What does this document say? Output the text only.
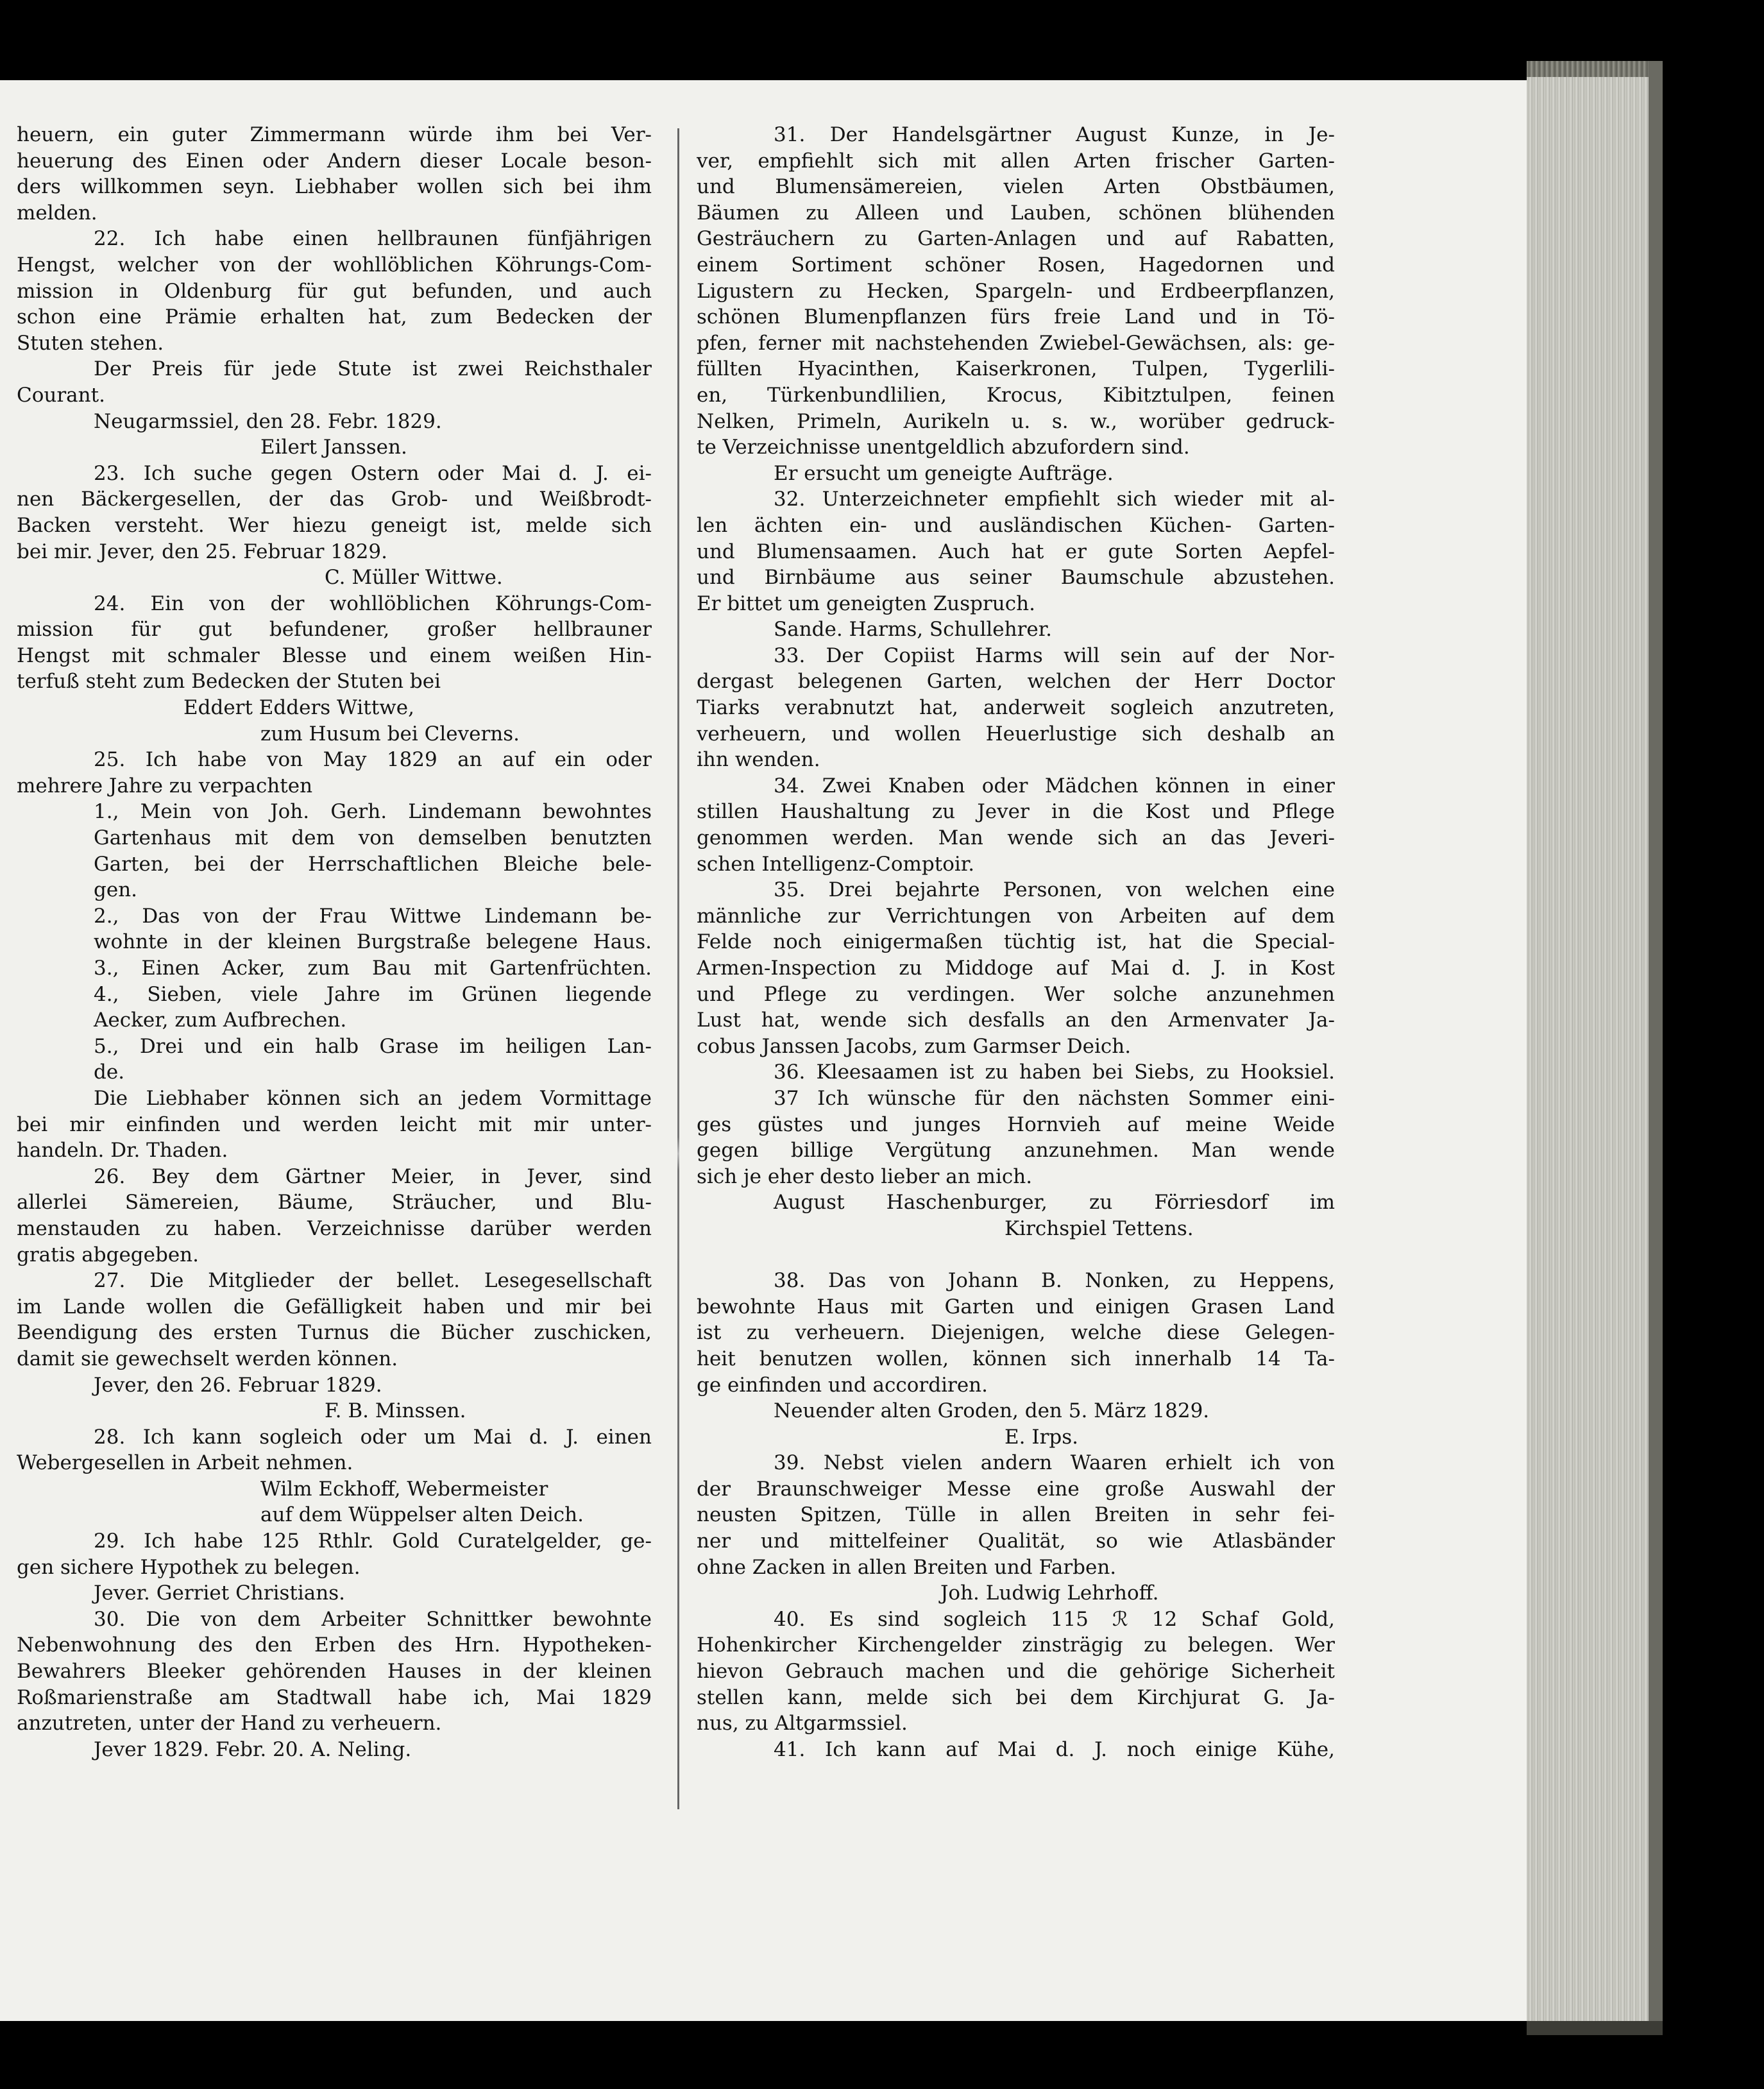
heuern, ein guter Zimmermann würde ihm bei Ver-
heuerung des Einen oder Andern dieser Locale beson-
ders willkommen seyn. Liebhaber wollen sich bei ihm
melden.
22. Ich habe einen hellbraunen fünfjährigen
Hengst, welcher von der wohllöblichen Köhrungs-Com-
mission in Oldenburg für gut befunden, und auch
schon eine Prämie erhalten hat, zum Bedecken der
Stuten stehen.
Der Preis für jede Stute ist zwei Reichsthaler
Courant.
Neugarmssiel, den 28. Febr. 1829.
Eilert Janssen.
23. Ich suche gegen Ostern oder Mai d. J. ei-
nen Bäckergesellen, der das Grob- und Weißbrodt-
Backen versteht. Wer hiezu geneigt ist, melde sich
bei mir. Jever, den 25. Februar 1829.
C. Müller Wittwe.
24. Ein von der wohllöblichen Köhrungs-Com-
mission für gut befundener, großer hellbrauner
Hengst mit schmaler Blesse und einem weißen Hin-
terfuß steht zum Bedecken der Stuten bei
Eddert Edders Wittwe,
zum Husum bei Cleverns.
25. Ich habe von May 1829 an auf ein oder
mehrere Jahre zu verpachten
1., Mein von Joh. Gerh. Lindemann bewohntes
Gartenhaus mit dem von demselben benutzten
Garten, bei der Herrschaftlichen Bleiche bele-
gen.
2., Das von der Frau Wittwe Lindemann be-
wohnte in der kleinen Burgstraße belegene Haus.
3., Einen Acker, zum Bau mit Gartenfrüchten.
4., Sieben, viele Jahre im Grünen liegende
Aecker, zum Aufbrechen.
5., Drei und ein halb Grase im heiligen Lan-
de.
Die Liebhaber können sich an jedem Vormittage
bei mir einfinden und werden leicht mit mir unter-
handeln. Dr. Thaden.
26. Bey dem Gärtner Meier, in Jever, sind
allerlei Sämereien, Bäume, Sträucher, und Blu-
menstauden zu haben. Verzeichnisse darüber werden
gratis abgegeben.
27. Die Mitglieder der bellet. Lesegesellschaft
im Lande wollen die Gefälligkeit haben und mir bei
Beendigung des ersten Turnus die Bücher zuschicken,
damit sie gewechselt werden können.
Jever, den 26. Februar 1829.
F. B. Minssen.
28. Ich kann sogleich oder um Mai d. J. einen
Webergesellen in Arbeit nehmen.
Wilm Eckhoff, Webermeister
auf dem Wüppelser alten Deich.
29. Ich habe 125 Rthlr. Gold Curatelgelder, ge-
gen sichere Hypothek zu belegen.
Jever. Gerriet Christians.
30. Die von dem Arbeiter Schnittker bewohnte
Nebenwohnung des den Erben des Hrn. Hypotheken-
Bewahrers Bleeker gehörenden Hauses in der kleinen
Roßmarienstraße am Stadtwall habe ich, Mai 1829
anzutreten, unter der Hand zu verheuern.
Jever 1829. Febr. 20. A. Neling.
31. Der Handelsgärtner August Kunze, in Je-
ver, empfiehlt sich mit allen Arten frischer Garten-
und Blumensämereien, vielen Arten Obstbäumen,
Bäumen zu Alleen und Lauben, schönen blühenden
Gesträuchern zu Garten-Anlagen und auf Rabatten,
einem Sortiment schöner Rosen, Hagedornen und
Ligustern zu Hecken, Spargeln- und Erdbeerpflanzen,
schönen Blumenpflanzen fürs freie Land und in Tö-
pfen, ferner mit nachstehenden Zwiebel-Gewächsen, als: ge-
füllten Hyacinthen, Kaiserkronen, Tulpen, Tygerlili-
en, Türkenbundlilien, Krocus, Kibitztulpen, feinen
Nelken, Primeln, Aurikeln u. s. w., worüber gedruck-
te Verzeichnisse unentgeldlich abzufordern sind.
Er ersucht um geneigte Aufträge.
32. Unterzeichneter empfiehlt sich wieder mit al-
len ächten ein- und ausländischen Küchen- Garten-
und Blumensaamen. Auch hat er gute Sorten Aepfel-
und Birnbäume aus seiner Baumschule abzustehen.
Er bittet um geneigten Zuspruch.
Sande. Harms, Schullehrer.
33. Der Copiist Harms will sein auf der Nor-
dergast belegenen Garten, welchen der Herr Doctor
Tiarks verabnutzt hat, anderweit sogleich anzutreten,
verheuern, und wollen Heuerlustige sich deshalb an
ihn wenden.
34. Zwei Knaben oder Mädchen können in einer
stillen Haushaltung zu Jever in die Kost und Pflege
genommen werden. Man wende sich an das Jeveri-
schen Intelligenz-Comptoir.
35. Drei bejahrte Personen, von welchen eine
männliche zur Verrichtungen von Arbeiten auf dem
Felde noch einigermaßen tüchtig ist, hat die Special-
Armen-Inspection zu Middoge auf Mai d. J. in Kost
und Pflege zu verdingen. Wer solche anzunehmen
Lust hat, wende sich desfalls an den Armenvater Ja-
cobus Janssen Jacobs, zum Garmser Deich.
36. Kleesaamen ist zu haben bei Siebs, zu Hooksiel.
37 Ich wünsche für den nächsten Sommer eini-
ges güstes und junges Hornvieh auf meine Weide
gegen billige Vergütung anzunehmen. Man wende
sich je eher desto lieber an mich.
August Haschenburger, zu Förriesdorf im
Kirchspiel Tettens.
38. Das von Johann B. Nonken, zu Heppens,
bewohnte Haus mit Garten und einigen Grasen Land
ist zu verheuern. Diejenigen, welche diese Gelegen-
heit benutzen wollen, können sich innerhalb 14 Ta-
ge einfinden und accordiren.
Neuender alten Groden, den 5. März 1829.
E. Irps.
39. Nebst vielen andern Waaren erhielt ich von
der Braunschweiger Messe eine große Auswahl der
neusten Spitzen, Tülle in allen Breiten in sehr fei-
ner und mittelfeiner Qualität, so wie Atlasbänder
ohne Zacken in allen Breiten und Farben.
Joh. Ludwig Lehrhoff.
40. Es sind sogleich 115 ℛ 12 Schaf Gold,
Hohenkircher Kirchengelder zinsträgig zu belegen. Wer
hievon Gebrauch machen und die gehörige Sicherheit
stellen kann, melde sich bei dem Kirchjurat G. Ja-
nus, zu Altgarmssiel.
41. Ich kann auf Mai d. J. noch einige Kühe,
